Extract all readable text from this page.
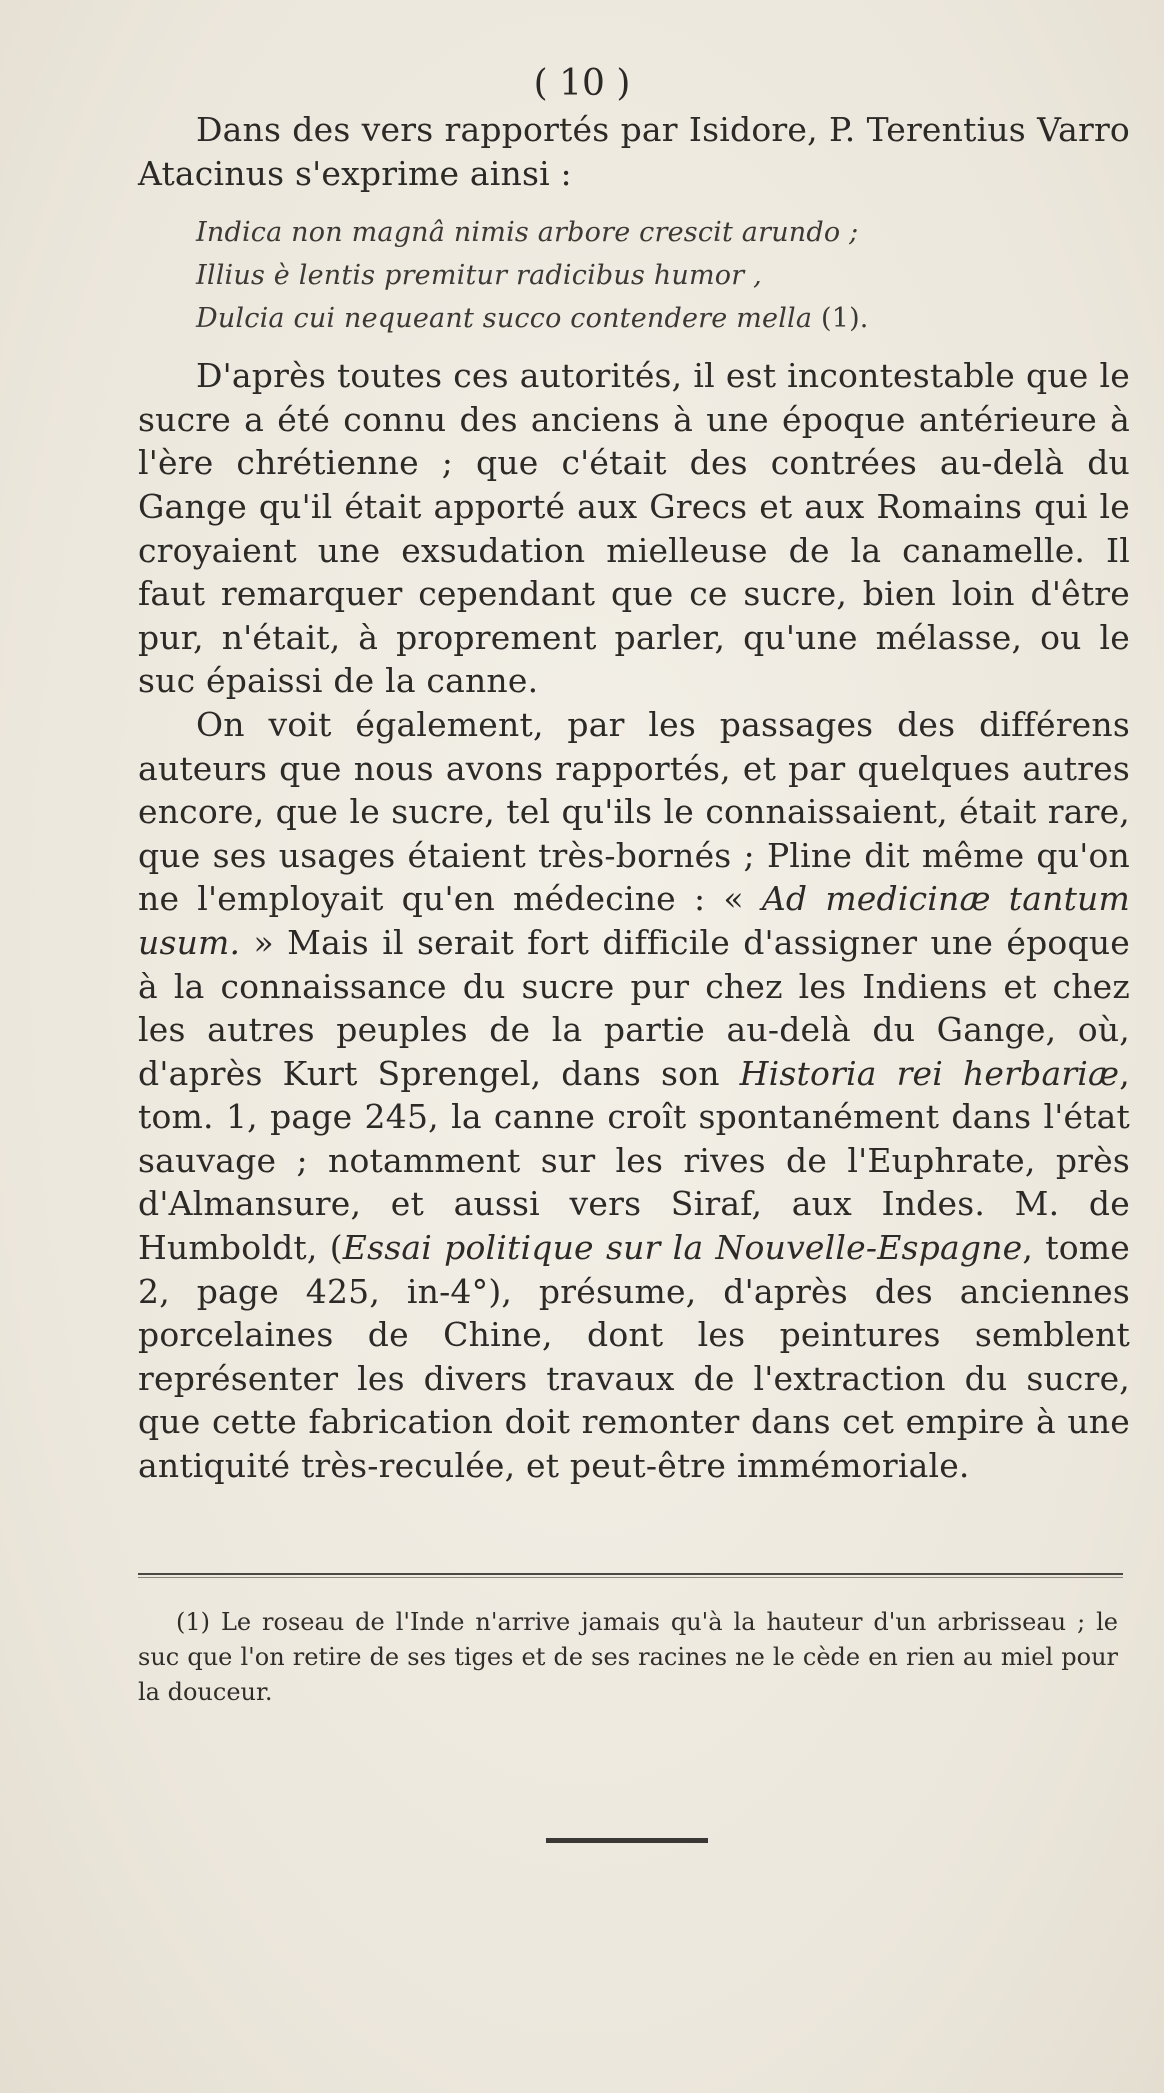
( 10 )

Dans des vers rapportés par Isidore, P. Terentius Varro Atacinus s'exprime ainsi :

Indica non magnâ nimis arbore crescit arundo ;
Illius è lentis premitur radicibus humor ,
Dulcia cui nequeant succo contendere mella (1).

D'après toutes ces autorités, il est incontestable que le sucre a été connu des anciens à une époque antérieure à l'ère chrétienne ; que c'était des contrées au-delà du Gange qu'il était apporté aux Grecs et aux Romains qui le croyaient une exsudation mielleuse de la canamelle. Il faut remarquer cependant que ce sucre, bien loin d'être pur, n'était, à proprement parler, qu'une mélasse, ou le suc épaissi de la canne.

On voit également, par les passages des différens auteurs que nous avons rapportés, et par quelques autres encore, que le sucre, tel qu'ils le connaissaient, était rare, que ses usages étaient très-bornés ; Pline dit même qu'on ne l'employait qu'en médecine : « Ad medicinæ tantum usum. » Mais il serait fort difficile d'assigner une époque à la connaissance du sucre pur chez les Indiens et chez les autres peuples de la partie au-delà du Gange, où, d'après Kurt Sprengel, dans son Historia rei herbariæ, tom. 1, page 245, la canne croît spontanément dans l'état sauvage ; notamment sur les rives de l'Euphrate, près d'Almansure, et aussi vers Siraf, aux Indes. M. de Humboldt, (Essai politique sur la Nouvelle-Espagne, tome 2, page 425, in-4°), présume, d'après des anciennes porcelaines de Chine, dont les peintures semblent représenter les divers travaux de l'extraction du sucre, que cette fabrication doit remonter dans cet empire à une antiquité très-reculée, et peut-être immémoriale.

(1) Le roseau de l'Inde n'arrive jamais qu'à la hauteur d'un arbrisseau ; le suc que l'on retire de ses tiges et de ses racines ne le cède en rien au miel pour la douceur.
